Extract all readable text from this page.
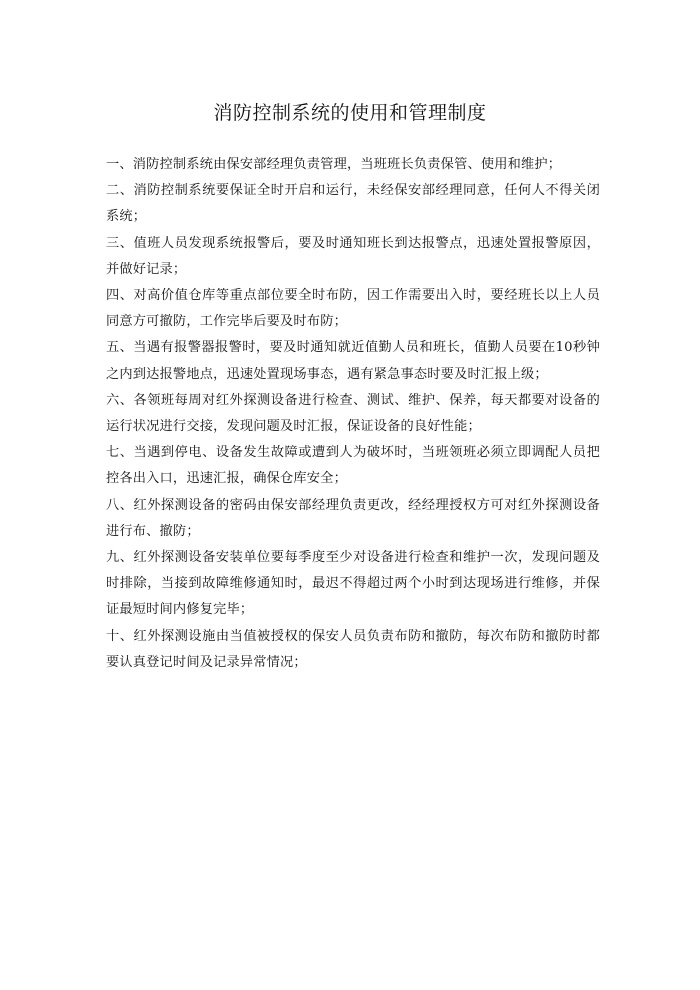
消防控制系统的使用和管理制度

一、消防控制系统由保安部经理负责管理，当班班长负责保管、使用和维护；

二、消防控制系统要保证全时开启和运行，未经保安部经理同意，任何人不得关闭系统；

三、值班人员发现系统报警后，要及时通知班长到达报警点，迅速处置报警原因，并做好记录；

四、对高价值仓库等重点部位要全时布防，因工作需要出入时，要经班长以上人员同意方可撤防，工作完毕后要及时布防；

五、当遇有报警器报警时，要及时通知就近值勤人员和班长，值勤人员要在10秒钟之内到达报警地点，迅速处置现场事态，遇有紧急事态时要及时汇报上级；

六、各领班每周对红外探测设备进行检查、测试、维护、保养，每天都要对设备的运行状况进行交接，发现问题及时汇报，保证设备的良好性能；

七、当遇到停电、设备发生故障或遭到人为破坏时，当班领班必须立即调配人员把控各出入口，迅速汇报，确保仓库安全；

八、红外探测设备的密码由保安部经理负责更改，经经理授权方可对红外探测设备进行布、撤防；

九、红外探测设备安装单位要每季度至少对设备进行检查和维护一次，发现问题及时排除，当接到故障维修通知时，最迟不得超过两个小时到达现场进行维修，并保证最短时间内修复完毕；

十、红外探测设施由当值被授权的保安人员负责布防和撤防，每次布防和撤防时都要认真登记时间及记录异常情况；
